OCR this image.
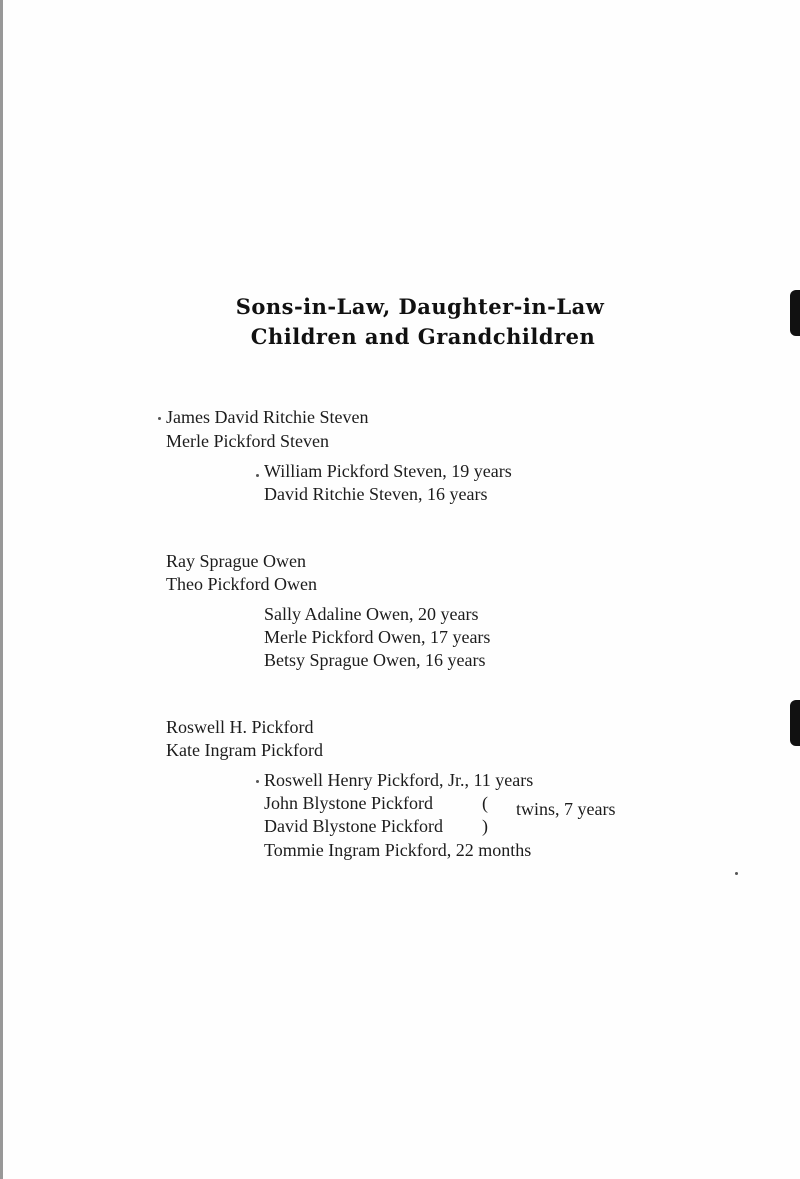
Sons-in-Law, Daughter-in-Law
Children and Grandchildren
James David Ritchie Steven
Merle Pickford Steven
William Pickford Steven, 19 years
David Ritchie Steven, 16 years
Ray Sprague Owen
Theo Pickford Owen
Sally Adaline Owen, 20 years
Merle Pickford Owen, 17 years
Betsy Sprague Owen, 16 years
Roswell H. Pickford
Kate Ingram Pickford
Roswell Henry Pickford, Jr., 11 years
John Blystone Pickford
David Blystone Pickford
Tommie Ingram Pickford, 22 months
(
)
twins, 7 years
